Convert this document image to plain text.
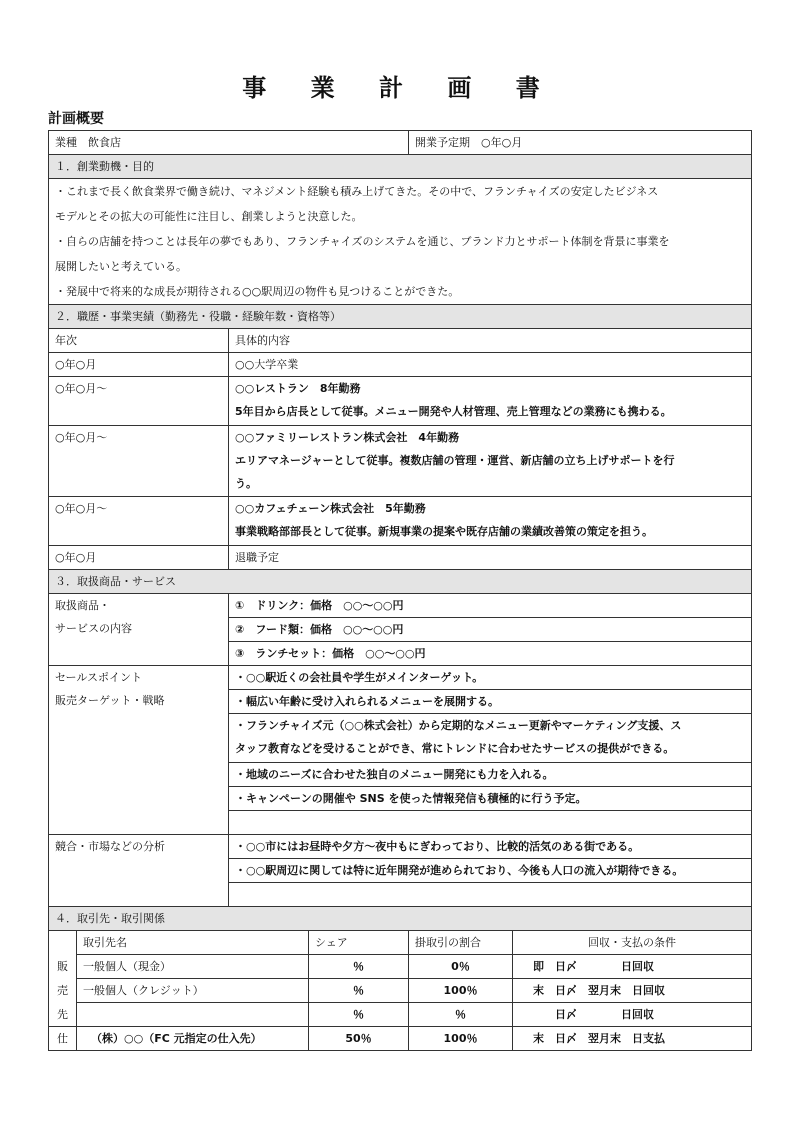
事 業 計 画 書
計画概要
業種　飲食店				開業予定期　○年○月	
１．創業動機・目的					

・これまで長く飲食業界で働き続け、マネジメント経験も積み上げてきた。その中で、フランチャイズの安定したビジネス
モデルとその拡大の可能性に注目し、創業しようと決意した。
・自らの店舗を持つことは長年の夢でもあり、フランチャイズのシステムを通じ、ブランド力とサポート体制を背景に事業を
展開したいと考えている。
・発展中で将来的な成長が期待される○○駅周辺の物件も見つけることができた。					

２．職歴・事業実績（勤務先・役職・経験年数・資格等）					
年次		具体的内容			
○年○月		○○大学卒業			
○年○月～		○○レストラン　8年勤務
5年目から店長として従事。メニュー開発や人材管理、売上管理などの業務にも携わる。			

○年○月～		○○ファミリーレストラン株式会社　4年勤務
エリアマネージャーとして従事。複数店舗の管理・運営、新店舗の立ち上げサポートを行
う。			

○年○月～		○○カフェチェーン株式会社　5年勤務
事業戦略部部長として従事。新規事業の提案や既存店舗の業績改善策の策定を担う。			

○年○月		退職予定			
３．取扱商品・サービス					

取扱商品・
サービスの内容		①　ドリンク：価格　○○～○○円			
		②　フード類：価格　○○～○○円			
		③　ランチセット：価格　○○～○○円			

セールスポイント
販売ターゲット・戦略		・○○駅近くの会社員や学生がメインターゲット。			
		・幅広い年齢に受け入れられるメニューを展開する。			

		・フランチャイズ元（○○株式会社）から定期的なメニュー更新やマーケティング支援、ス
タッフ教育などを受けることができ、常にトレンドに合わせたサービスの提供ができる。			

		・地域のニーズに合わせた独自のメニュー開発にも力を入れる。			
		・キャンペーンの開催や SNS を使った情報発信も積極的に行う予定。			

競合・市場などの分析		・○○市にはお昼時や夕方～夜中もにぎわっており、比較的活気のある街である。			
		・○○駅周辺に関しては特に近年開発が進められており、今後も人口の流入が期待できる。			

４．取引先・取引関係					
	取引先名		シェア	掛取引の割合	回収・支払の条件
販	一般個人（現金）		％	0％	即　日〆　　　　日回収
売	一般個人（クレジット）		％	100％	末　日〆　翌月末　日回収
先			％	％	　　日〆　　　　日回収
仕	（株）○○（FC 元指定の仕入先）		50％	100％	末　日〆　翌月末　日支払
